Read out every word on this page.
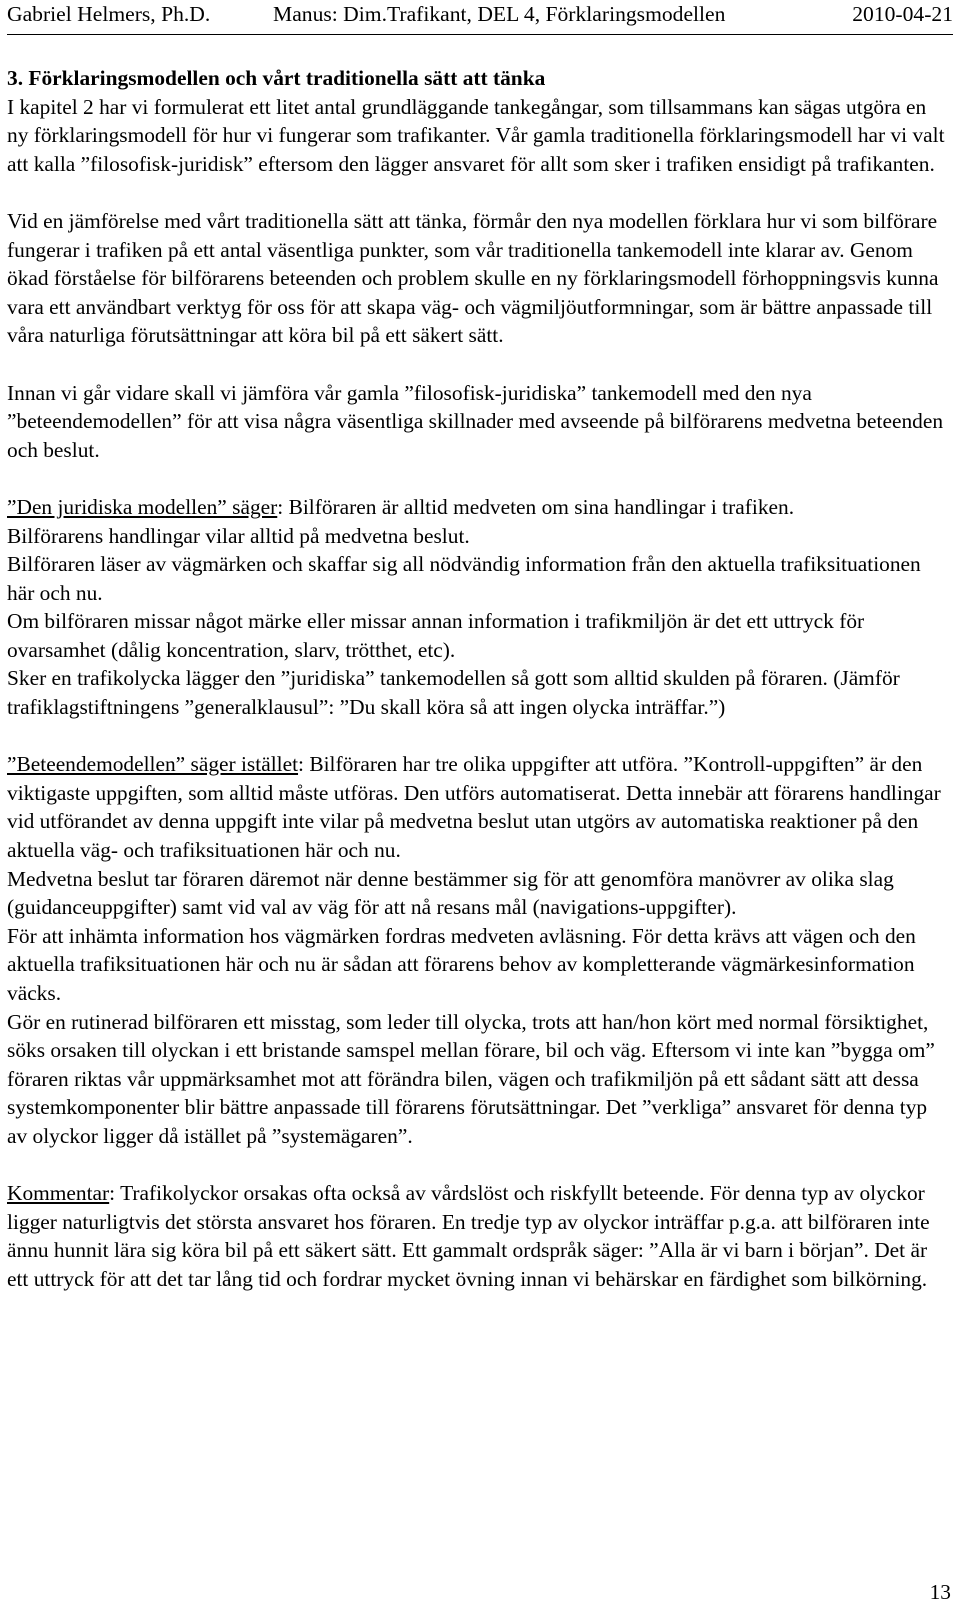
Gabriel Helmers, Ph.D.	Manus: Dim.Trafikant, DEL 4, Förklaringsmodellen	2010-04-21

3. Förklaringsmodellen och vårt traditionella sätt att tänka

I kapitel 2 har vi formulerat ett litet antal grundläggande tankegångar, som tillsammans kan sägas utgöra en ny förklaringsmodell för hur vi fungerar som trafikanter. Vår gamla traditionella förklaringsmodell har vi valt att kalla ”filosofisk-juridisk” eftersom den lägger ansvaret för allt som sker i trafiken ensidigt på trafikanten.

Vid en jämförelse med vårt traditionella sätt att tänka, förmår den nya modellen förklara hur vi som bilförare fungerar i trafiken på ett antal väsentliga punkter, som vår traditionella tankemodell inte klarar av. Genom ökad förståelse för bilförarens beteenden och problem skulle en ny förklaringsmodell förhoppningsvis kunna vara ett användbart verktyg för oss för att skapa väg- och vägmiljöutformningar, som är bättre anpassade till våra naturliga förutsättningar att köra bil på ett säkert sätt.

Innan vi går vidare skall vi jämföra vår gamla ”filosofisk-juridiska” tankemodell med den nya ”beteendemodellen” för att visa några väsentliga skillnader med avseende på bilförarens medvetna beteenden och beslut.

”Den juridiska modellen” säger: Bilföraren är alltid medveten om sina handlingar i trafiken.

Bilförarens handlingar vilar alltid på medvetna beslut.

Bilföraren läser av vägmärken och skaffar sig all nödvändig information från den aktuella trafiksituationen här och nu.

Om bilföraren missar något märke eller missar annan information i trafikmiljön är det ett uttryck för ovarsamhet (dålig koncentration, slarv, trötthet, etc).

Sker en trafikolycka lägger den ”juridiska” tankemodellen så gott som alltid skulden på föraren. (Jämför trafiklagstiftningens ”generalklausul”: ”Du skall köra så att ingen olycka inträffar.”)

”Beteendemodellen” säger istället: Bilföraren har tre olika uppgifter att utföra. ”Kontroll-uppgiften” är den viktigaste uppgiften, som alltid måste utföras. Den utförs automatiserat. Detta innebär att förarens handlingar vid utförandet av denna uppgift inte vilar på medvetna beslut utan utgörs av automatiska reaktioner på den aktuella väg- och trafiksituationen här och nu.

Medvetna beslut tar föraren däremot när denne bestämmer sig för att genomföra manövrer av olika slag (guidanceuppgifter) samt vid val av väg för att nå resans mål (navigations-uppgifter).

För att inhämta information hos vägmärken fordras medveten avläsning. För detta krävs att vägen och den aktuella trafiksituationen här och nu är sådan att förarens behov av kompletterande vägmärkesinformation väcks.

Gör en rutinerad bilföraren ett misstag, som leder till olycka, trots att han/hon kört med normal försiktighet, söks orsaken till olyckan i ett bristande samspel mellan förare, bil och väg. Eftersom vi inte kan ”bygga om” föraren riktas vår uppmärksamhet mot att förändra bilen, vägen och trafikmiljön på ett sådant sätt att dessa systemkomponenter blir bättre anpassade till förarens förutsättningar. Det ”verkliga” ansvaret för denna typ av olyckor ligger då istället på ”systemägaren”.

Kommentar: Trafikolyckor orsakas ofta också av vårdslöst och riskfyllt beteende. För denna typ av olyckor ligger naturligtvis det största ansvaret hos föraren. En tredje typ av olyckor inträffar p.g.a. att bilföraren inte ännu hunnit lära sig köra bil på ett säkert sätt. Ett gammalt ordspråk säger: ”Alla är vi barn i början”. Det är ett uttryck för att det tar lång tid och fordrar mycket övning innan vi behärskar en färdighet som bilkörning.

13
